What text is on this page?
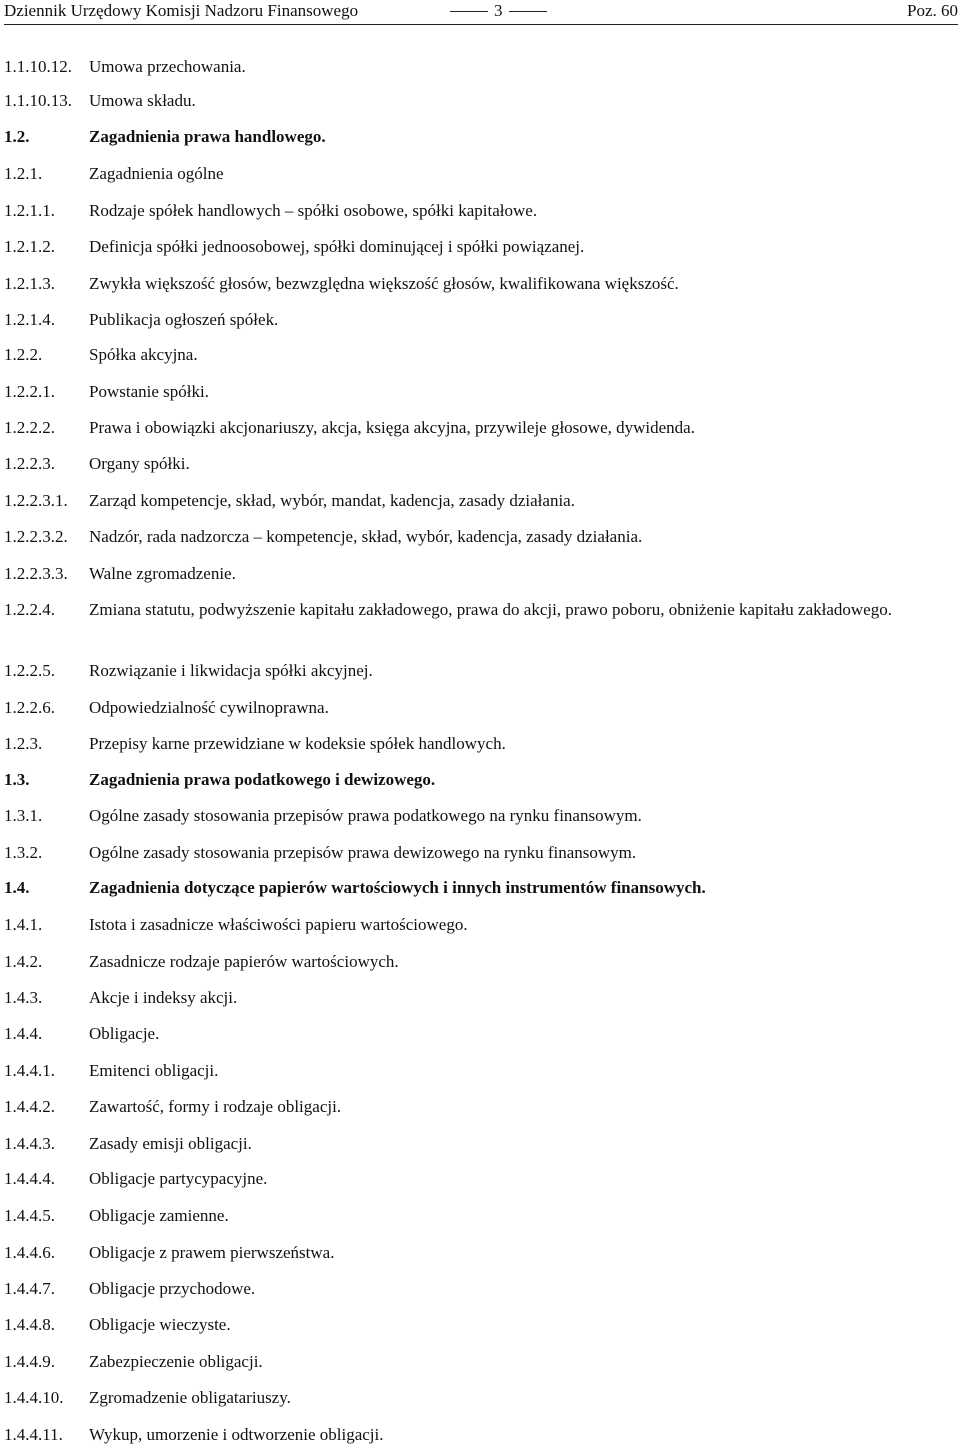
Dziennik Urzędowy Komisji Nadzoru Finansowego	3	Poz. 60
1.1.10.12. Umowa przechowania.
1.1.10.13. Umowa składu.
1.2.	Zagadnienia prawa handlowego.
1.2.1.	Zagadnienia ogólne
1.2.1.1. Rodzaje spółek handlowych – spółki osobowe, spółki kapitałowe.
1.2.1.2. Definicja spółki jednoosobowej, spółki dominującej i spółki powiązanej.
1.2.1.3. Zwykła większość głosów, bezwzględna większość głosów, kwalifikowana większość.
1.2.1.4. Publikacja ogłoszeń spółek.
1.2.2.	Spółka akcyjna.
1.2.2.1. Powstanie spółki.
1.2.2.2. Prawa i obowiązki akcjonariuszy, akcja, księga akcyjna, przywileje głosowe, dywidenda.
1.2.2.3. Organy spółki.
1.2.2.3.1. Zarząd kompetencje, skład, wybór, mandat, kadencja, zasady działania.
1.2.2.3.2. Nadzór, rada nadzorcza – kompetencje, skład, wybór, kadencja, zasady działania.
1.2.2.3.3. Walne zgromadzenie.
1.2.2.4. Zmiana statutu, podwyższenie kapitału zakładowego, prawa do akcji, prawo poboru, obniżenie kapitału zakładowego.
1.2.2.5. Rozwiązanie i likwidacja spółki akcyjnej.
1.2.2.6. Odpowiedzialność cywilnoprawna.
1.2.3.	Przepisy karne przewidziane w kodeksie spółek handlowych.
1.3.	Zagadnienia prawa podatkowego i dewizowego.
1.3.1.	Ogólne zasady stosowania przepisów prawa podatkowego na rynku finansowym.
1.3.2.	Ogólne zasady stosowania przepisów prawa dewizowego na rynku finansowym.
1.4.	Zagadnienia dotyczące papierów wartościowych i innych instrumentów finansowych.
1.4.1.	Istota i zasadnicze właściwości papieru wartościowego.
1.4.2.	Zasadnicze rodzaje papierów wartościowych.
1.4.3.	Akcje i indeksy akcji.
1.4.4.	Obligacje.
1.4.4.1. Emitenci obligacji.
1.4.4.2. Zawartość, formy i rodzaje obligacji.
1.4.4.3. Zasady emisji obligacji.
1.4.4.4. Obligacje partycypacyjne.
1.4.4.5. Obligacje zamienne.
1.4.4.6. Obligacje z prawem pierwszeństwa.
1.4.4.7. Obligacje przychodowe.
1.4.4.8. Obligacje wieczyste.
1.4.4.9. Zabezpieczenie obligacji.
1.4.4.10. Zgromadzenie obligatariuszy.
1.4.4.11. Wykup, umorzenie i odtworzenie obligacji.
